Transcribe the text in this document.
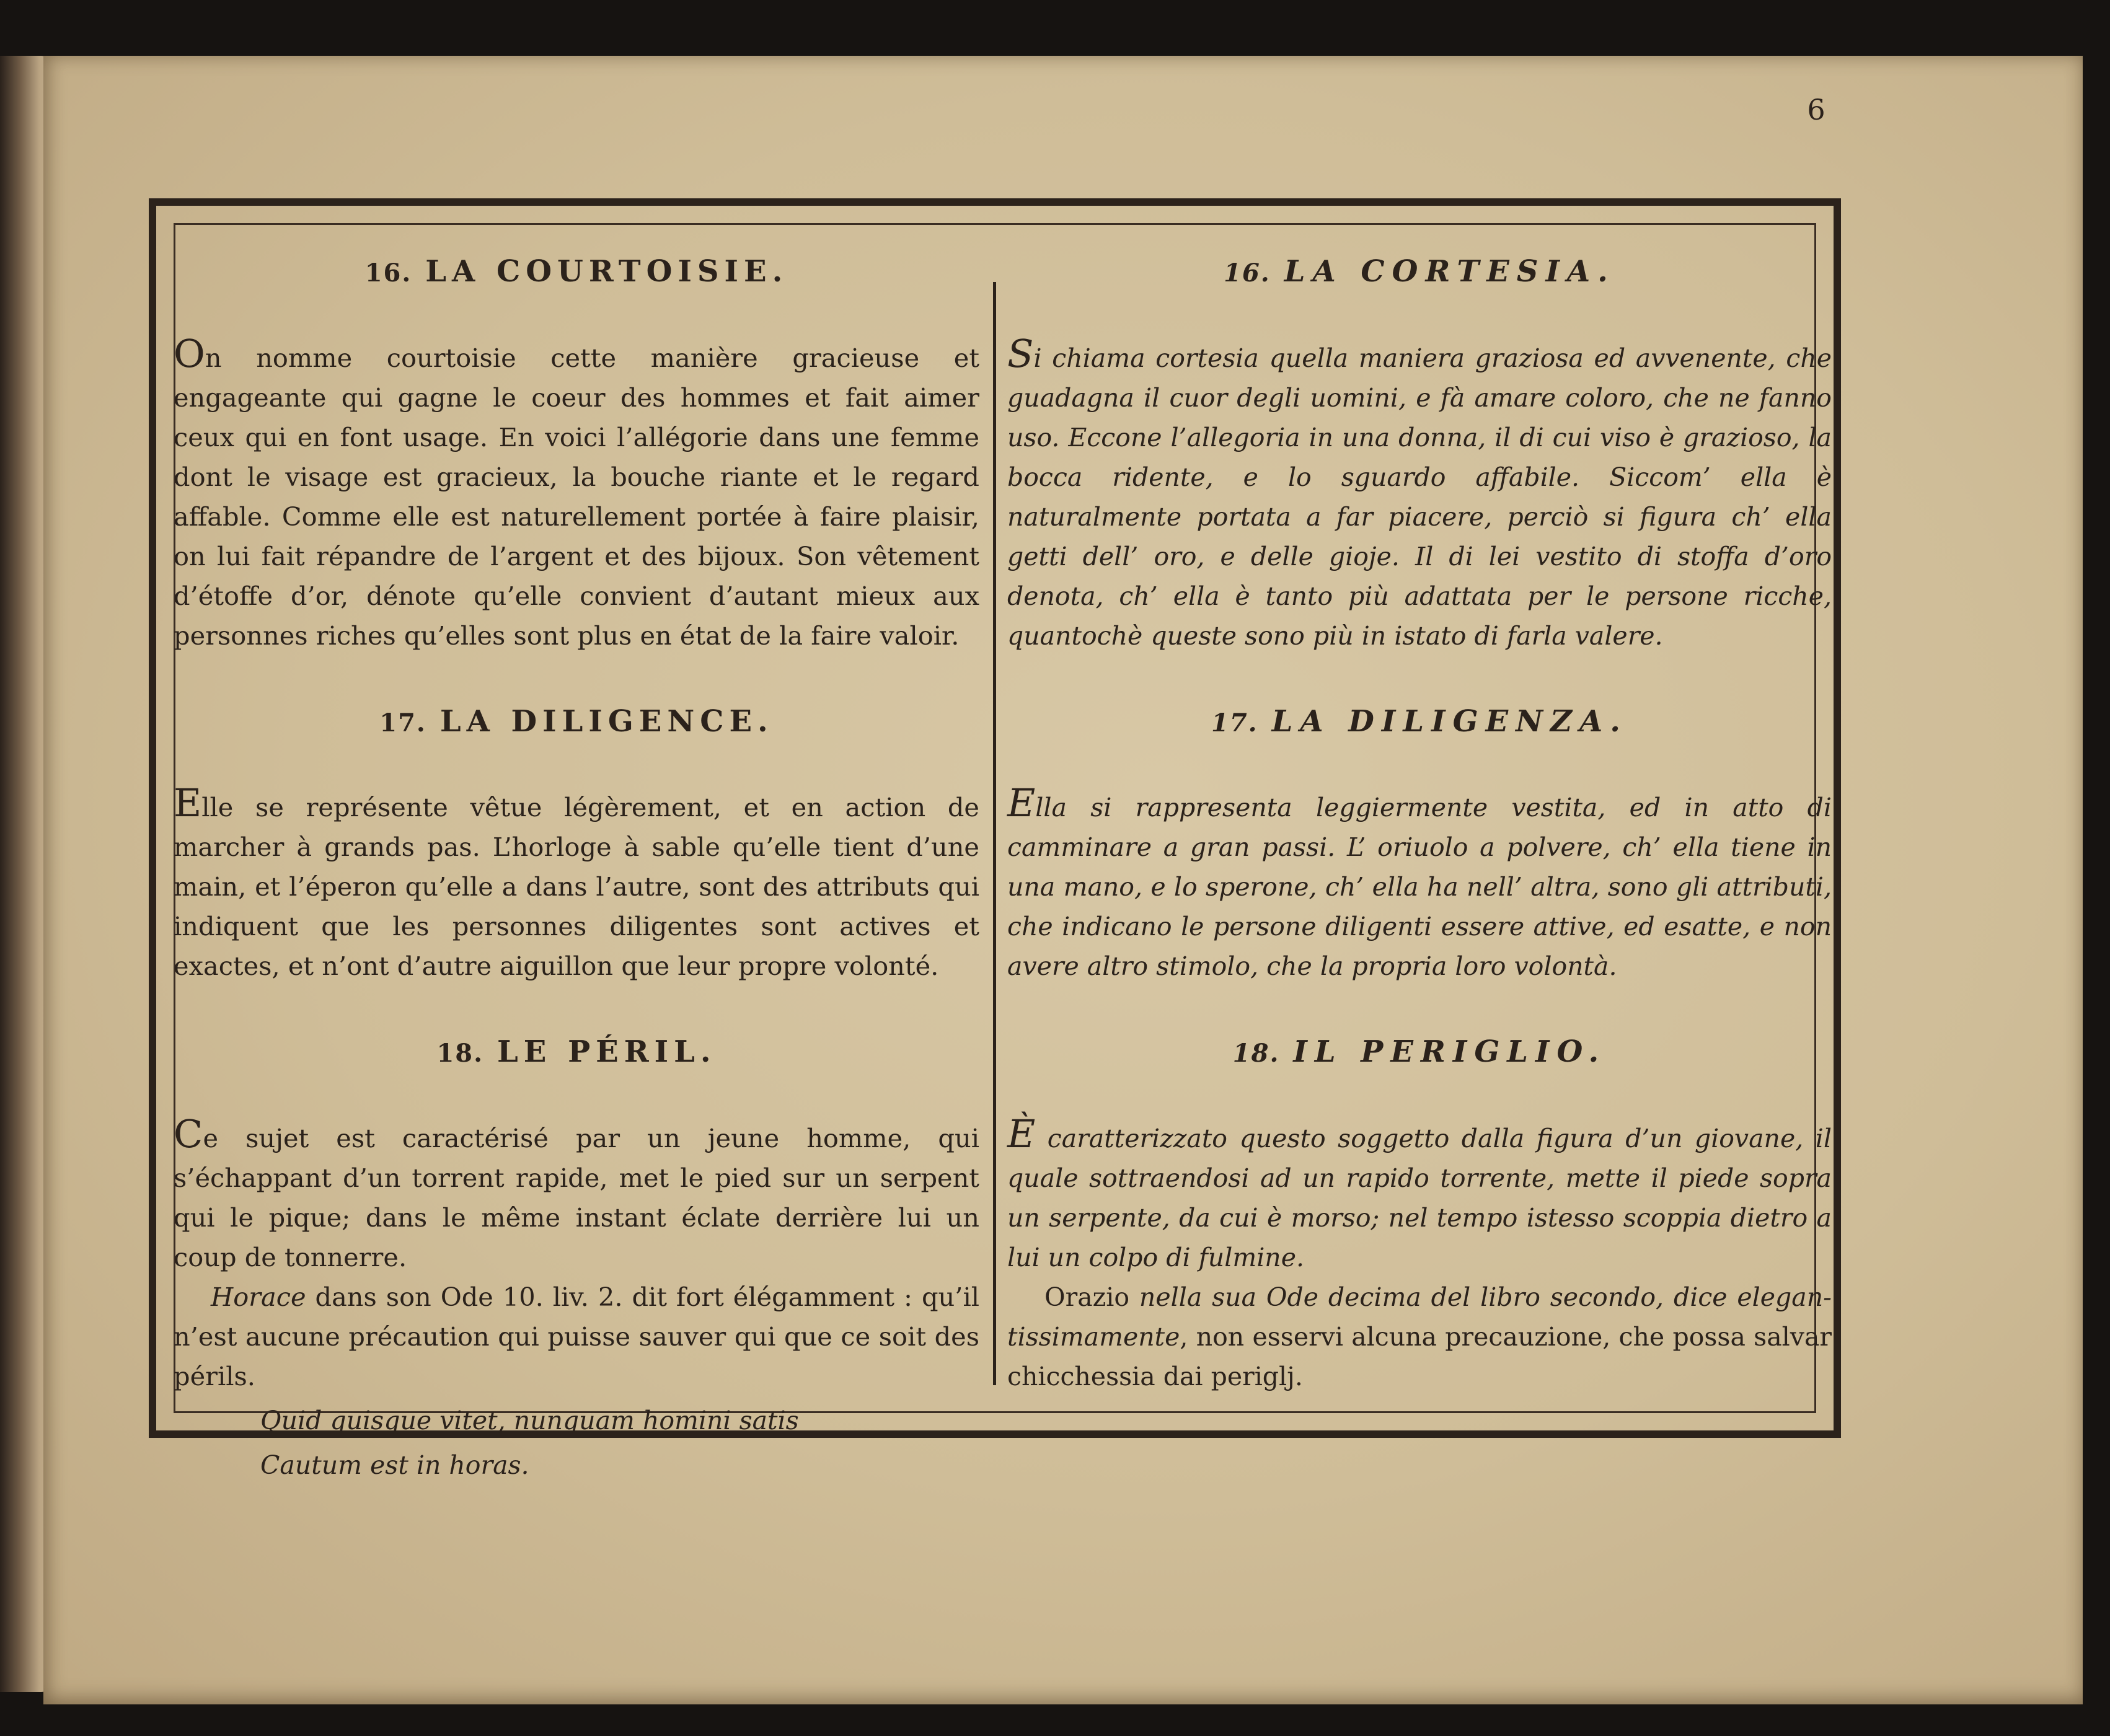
6
16. LA COURTOISIE.

On nomme courtoisie cette manière gracieuse et engageante qui gagne le coeur des hommes et fait aimer ceux qui en font usage. En voici l’allégorie dans une femme dont le visage est gracieux, la bouche riante et le regard affable. Comme elle est naturellement portée à faire plaisir, on lui fait répandre de l’argent et des bijoux. Son vêtement d’étoffe d’or, dénote qu’elle convient d’autant mieux aux personnes riches qu’elles sont plus en état de la faire valoir.

17. LA DILIGENCE.

Elle se représente vêtue légèrement, et en action de marcher à grands pas. L’horloge à sable qu’elle tient d’une main, et l’éperon qu’elle a dans l’autre, sont des attributs qui indiquent que les personnes diligentes sont actives et exactes, et n’ont d’autre aiguillon que leur propre volonté.

18. LE PÉRIL.

Ce sujet est caractérisé par un jeune homme, qui s’échappant d’un torrent rapide, met le pied sur un serpent qui le pique; dans le même instant éclate derrière lui un coup de tonnerre.

Horace dans son Ode 10. liv. 2. dit fort élégamment : qu’il n’est aucune précaution qui puisse sauver qui que ce soit des périls.

Quid quisque vitet, nunquam homini satis
Cautum est in horas.
16. LA CORTESIA.

Si chiama cortesia quella maniera graziosa ed avvenente, che guadagna il cuor degli uomini, e fà amare coloro, che ne fanno uso. Eccone l’allegoria in una donna, il di cui viso è grazioso, la bocca ridente, e lo sguardo affabile. Siccom’ ella è naturalmente portata a far piacere, perciò si figura ch’ ella getti dell’ oro, e delle gioje. Il di lei vestito di stoffa d’oro denota, ch’ ella è tanto più adattata per le persone ricche, quantochè queste sono più in istato di farla valere.

17. LA DILIGENZA.

Ella si rappresenta leggiermente vestita, ed in atto di camminare a gran passi. L’ oriuolo a polvere, ch’ ella tiene in una mano, e lo sperone, ch’ ella ha nell’ altra, sono gli attributi, che indicano le persone diligenti essere attive, ed esatte, e non avere altro stimolo, che la propria loro volontà.

18. IL PERIGLIO.

È caratterizzato questo soggetto dalla figura d’un giovane, il quale sottraendosi ad un rapido torrente, mette il piede sopra un serpente, da cui è morso; nel tempo istesso scoppia dietro a lui un colpo di fulmine.

Orazio nella sua Ode decima del libro secondo, dice elegan- tissimamente, non esservi alcuna precauzione, che possa salvar chicchessia dai periglj.
